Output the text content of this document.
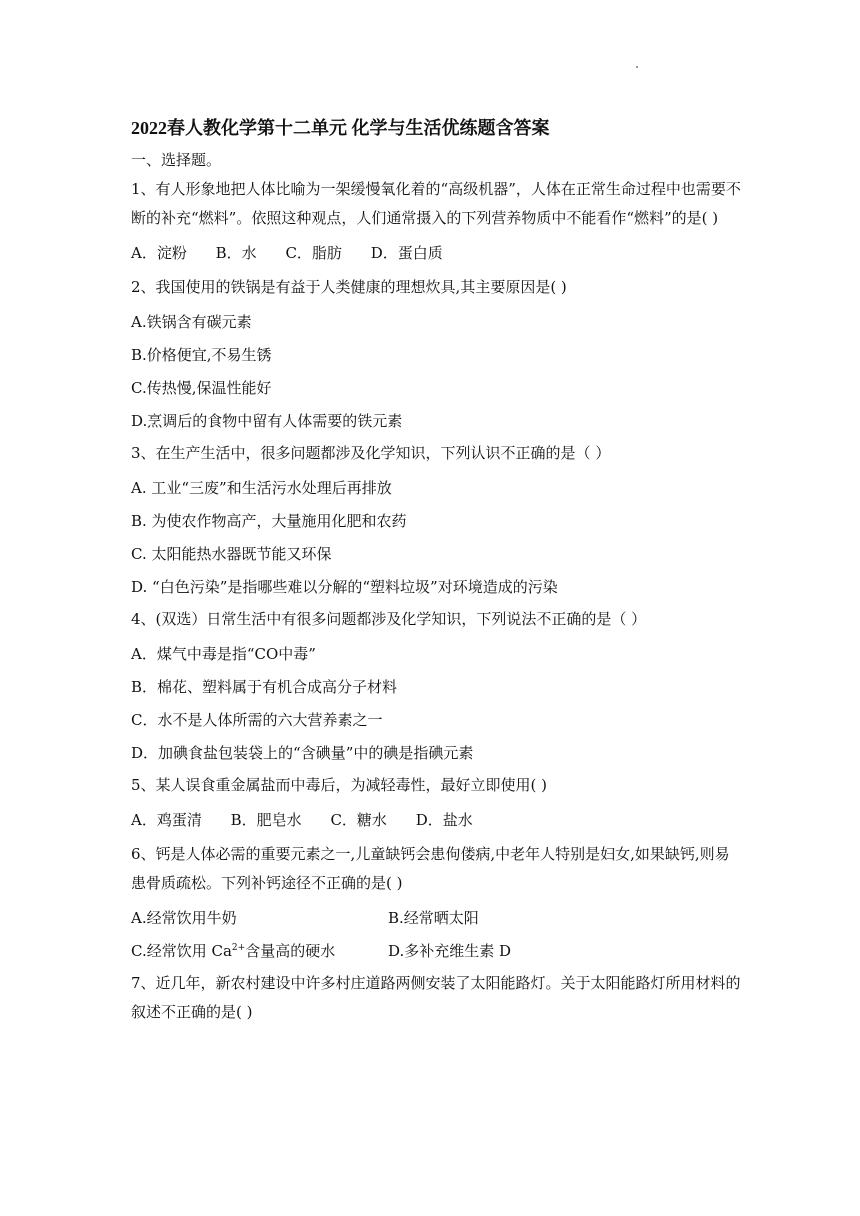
2022春人教化学第十二单元 化学与生活优练题含答案
一、选择题。
1、有人形象地把人体比喻为一架缓慢氧化着的“高级机器”，人体在正常生命过程中也需要不断的补充“燃料”。依照这种观点，人们通常摄入的下列营养物质中不能看作“燃料”的是( )
A．淀粉 B．水 C．脂肪 D．蛋白质
2、我国使用的铁锅是有益于人类健康的理想炊具,其主要原因是( )
A.铁锅含有碳元素
B.价格便宜,不易生锈
C.传热慢,保温性能好
D.烹调后的食物中留有人体需要的铁元素
3、在生产生活中，很多问题都涉及化学知识，下列认识不正确的是（ ）
A. 工业“三废”和生活污水处理后再排放
B. 为使农作物高产，大量施用化肥和农药
C. 太阳能热水器既节能又环保
D. “白色污染”是指哪些难以分解的“塑料垃圾”对环境造成的污染
4、(双选）日常生活中有很多问题都涉及化学知识，下列说法不正确的是（ ）
A．煤气中毒是指“CO中毒”
B．棉花、塑料属于有机合成高分子材料
C．水不是人体所需的六大营养素之一
D．加碘食盐包装袋上的“含碘量”中的碘是指碘元素
5、某人误食重金属盐而中毒后，为减轻毒性，最好立即使用( )
A．鸡蛋清 B．肥皂水 C．糖水 D．盐水
6、钙是人体必需的重要元素之一,儿童缺钙会患佝偻病,中老年人特别是妇女,如果缺钙,则易患骨质疏松。下列补钙途径不正确的是( )
A.经常饮用牛奶	B.经常晒太阳
C.经常饮用 $Ca^{2+}$含量高的硬水	D.多补充维生素 D
7、近几年，新农村建设中许多村庄道路两侧安装了太阳能路灯。关于太阳能路灯所用材料的叙述不正确的是( )
